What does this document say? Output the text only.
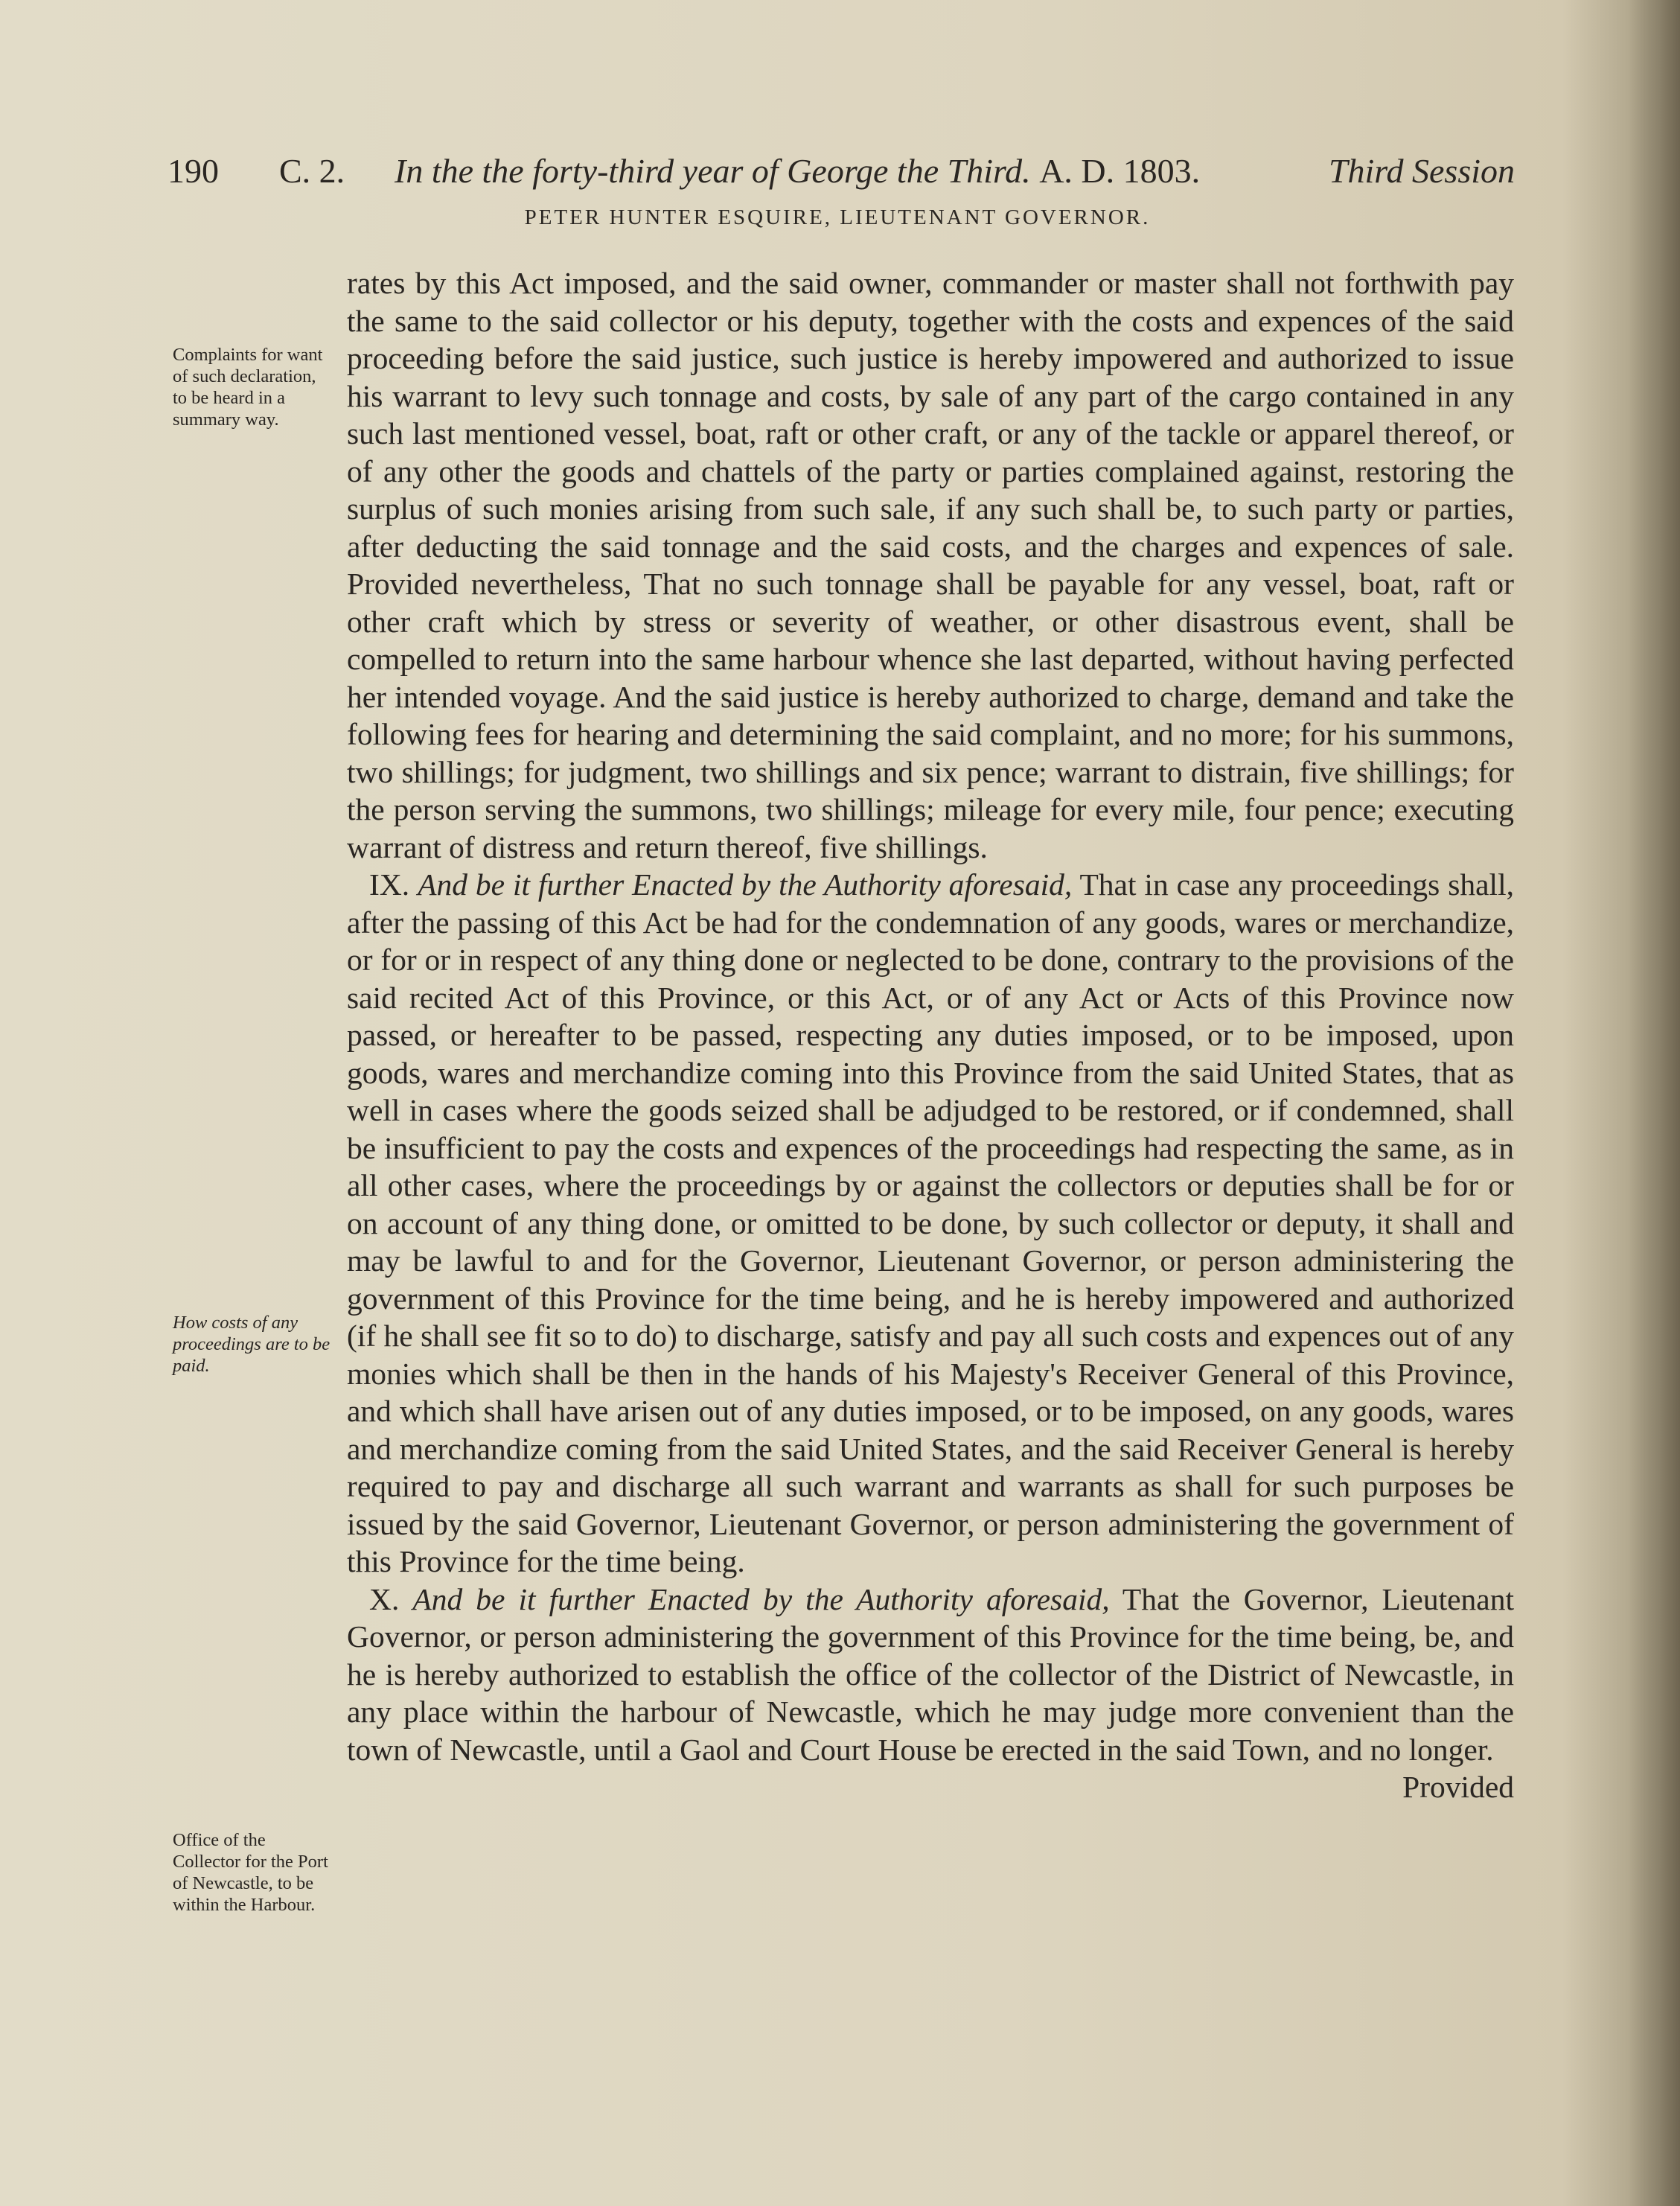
190 C. 2. In the the forty-third year of George the Third. A. D. 1803.	Third Session
PETER HUNTER ESQUIRE, LIEUTENANT GOVERNOR.
Complaints for want of such declaration, to be heard in a summary way.
How costs of any proceedings are to be paid.
Office of the Collector for the Port of Newcastle, to be within the Harbour.

rates by this Act imposed, and the said owner, commander or master shall not forthwith pay the same to the said collector or his deputy, together with the costs and expences of the said proceeding before the said justice, such justice is hereby impowered and authorized to issue his warrant to levy such tonnage and costs, by sale of any part of the cargo contained in any such last mentioned vessel, boat, raft or other craft, or any of the tackle or apparel thereof, or of any other the goods and chattels of the party or parties complained against, restoring the surplus of such monies arising from such sale, if any such shall be, to such party or parties, after deducting the said tonnage and the said costs, and the charges and expences of sale. Provided nevertheless, That no such tonnage shall be payable for any vessel, boat, raft or other craft which by stress or severity of weather, or other disastrous event, shall be compelled to return into the same harbour whence she last departed, without having perfected her intended voyage. And the said justice is hereby authorized to charge, demand and take the following fees for hearing and determining the said complaint, and no more; for his summons, two shillings; for judgment, two shillings and six pence; warrant to distrain, five shillings; for the person serving the summons, two shillings; mileage for every mile, four pence; executing warrant of distress and return thereof, five shillings.

IX. And be it further Enacted by the Authority aforesaid, That in case any proceedings shall, after the passing of this Act be had for the condemnation of any goods, wares or merchandize, or for or in respect of any thing done or neglected to be done, contrary to the provisions of the said recited Act of this Province, or this Act, or of any Act or Acts of this Province now passed, or hereafter to be passed, respecting any duties imposed, or to be imposed, upon goods, wares and merchandize coming into this Province from the said United States, that as well in cases where the goods seized shall be adjudged to be restored, or if condemned, shall be insufficient to pay the costs and expences of the proceedings had respecting the same, as in all other cases, where the proceedings by or against the collectors or deputies shall be for or on account of any thing done, or omitted to be done, by such collector or deputy, it shall and may be lawful to and for the Governor, Lieutenant Governor, or person administering the government of this Province for the time being, and he is hereby impowered and authorized (if he shall see fit so to do) to discharge, satisfy and pay all such costs and expences out of any monies which shall be then in the hands of his Majesty's Receiver General of this Province, and which shall have arisen out of any duties imposed, or to be imposed, on any goods, wares and merchandize coming from the said United States, and the said Receiver General is hereby required to pay and discharge all such warrant and warrants as shall for such purposes be issued by the said Governor, Lieutenant Governor, or person administering the government of this Province for the time being.

X. And be it further Enacted by the Authority aforesaid, That the Governor, Lieutenant Governor, or person administering the government of this Province for the time being, be, and he is hereby authorized to establish the office of the collector of the District of Newcastle, in any place within the harbour of Newcastle, which he may judge more convenient than the town of Newcastle, until a Gaol and Court House be erected in the said Town, and no longer.

Provided
